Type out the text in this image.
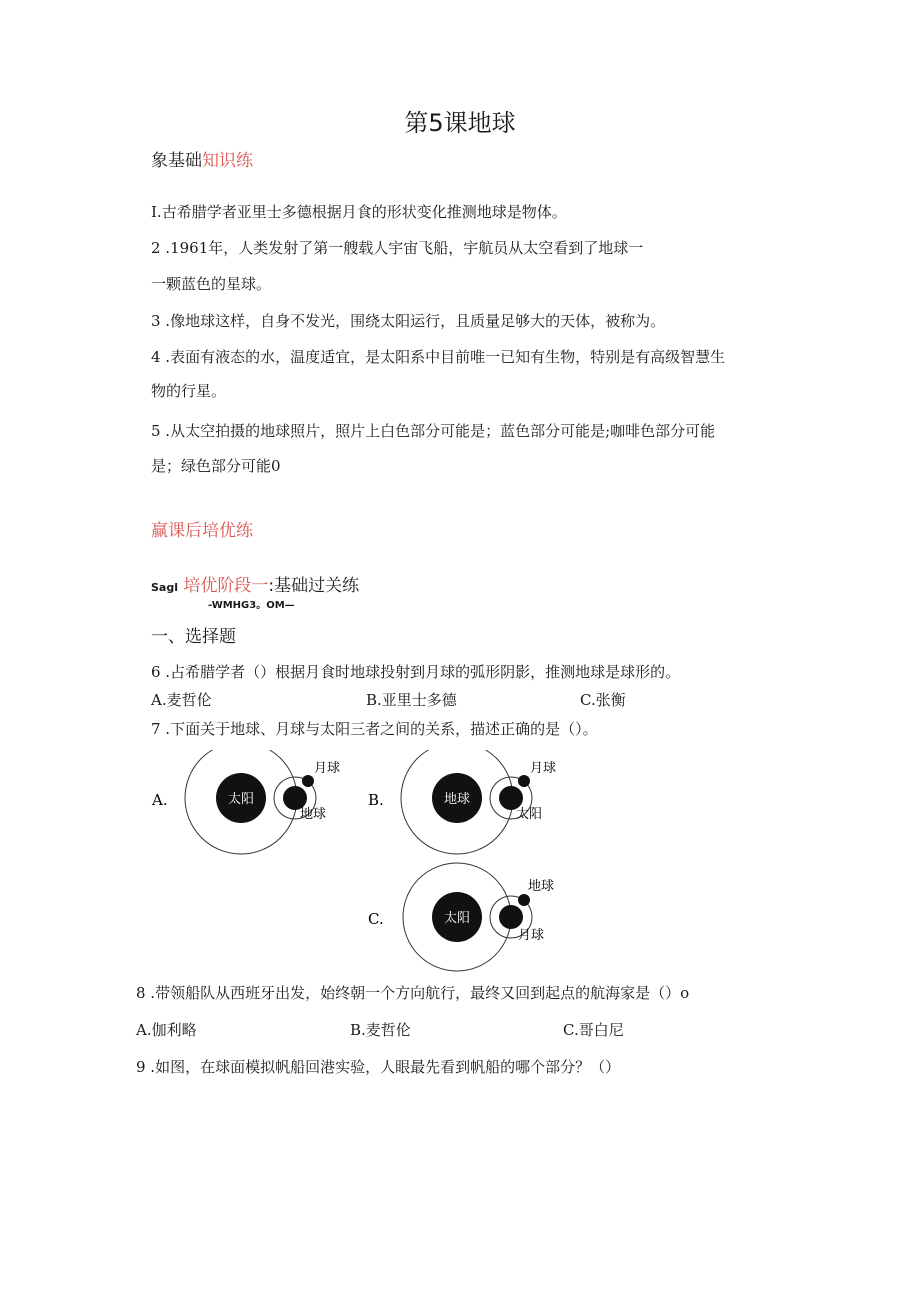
第5课地球
象基础知识练
I.古希腊学者亚里士多德根据月食的形状变化推测地球是物体。
2 .1961年，人类发射了第一艘载人宇宙飞船，宇航员从太空看到了地球一
一颗蓝色的星球。
3 .像地球这样，自身不发光，围绕太阳运行，且质量足够大的天体，被称为。
4 .表面有液态的水，温度适宜，是太阳系中目前唯一已知有生物，特别是有高级智慧生
物的行星。
5 .从太空拍摄的地球照片，照片上白色部分可能是；蓝色部分可能是;咖啡色部分可能
是；绿色部分可能0
赢课后培优练
Sagl 培优阶段一:基础过关练
-WMHG3。OM—
一、选择题
6 .占希腊学者（）根据月食时地球投射到月球的弧形阴影，推测地球是球形的。
A.麦哲伦	B.亚里士多德	C.张衡
7 .下面关于地球、月球与太阳三者之间的关系，描述正确的是（）。
A.	太阳
月球
地球
B.	地球
月球
太阳
C.	太阳
地球
月球
8 .带领船队从西班牙出发，始终朝一个方向航行，最终又回到起点的航海家是（）o
A.伽利略	B.麦哲伦	C.哥白尼
9 .如图，在球面模拟帆船回港实验，人眼最先看到帆船的哪个部分？（）
